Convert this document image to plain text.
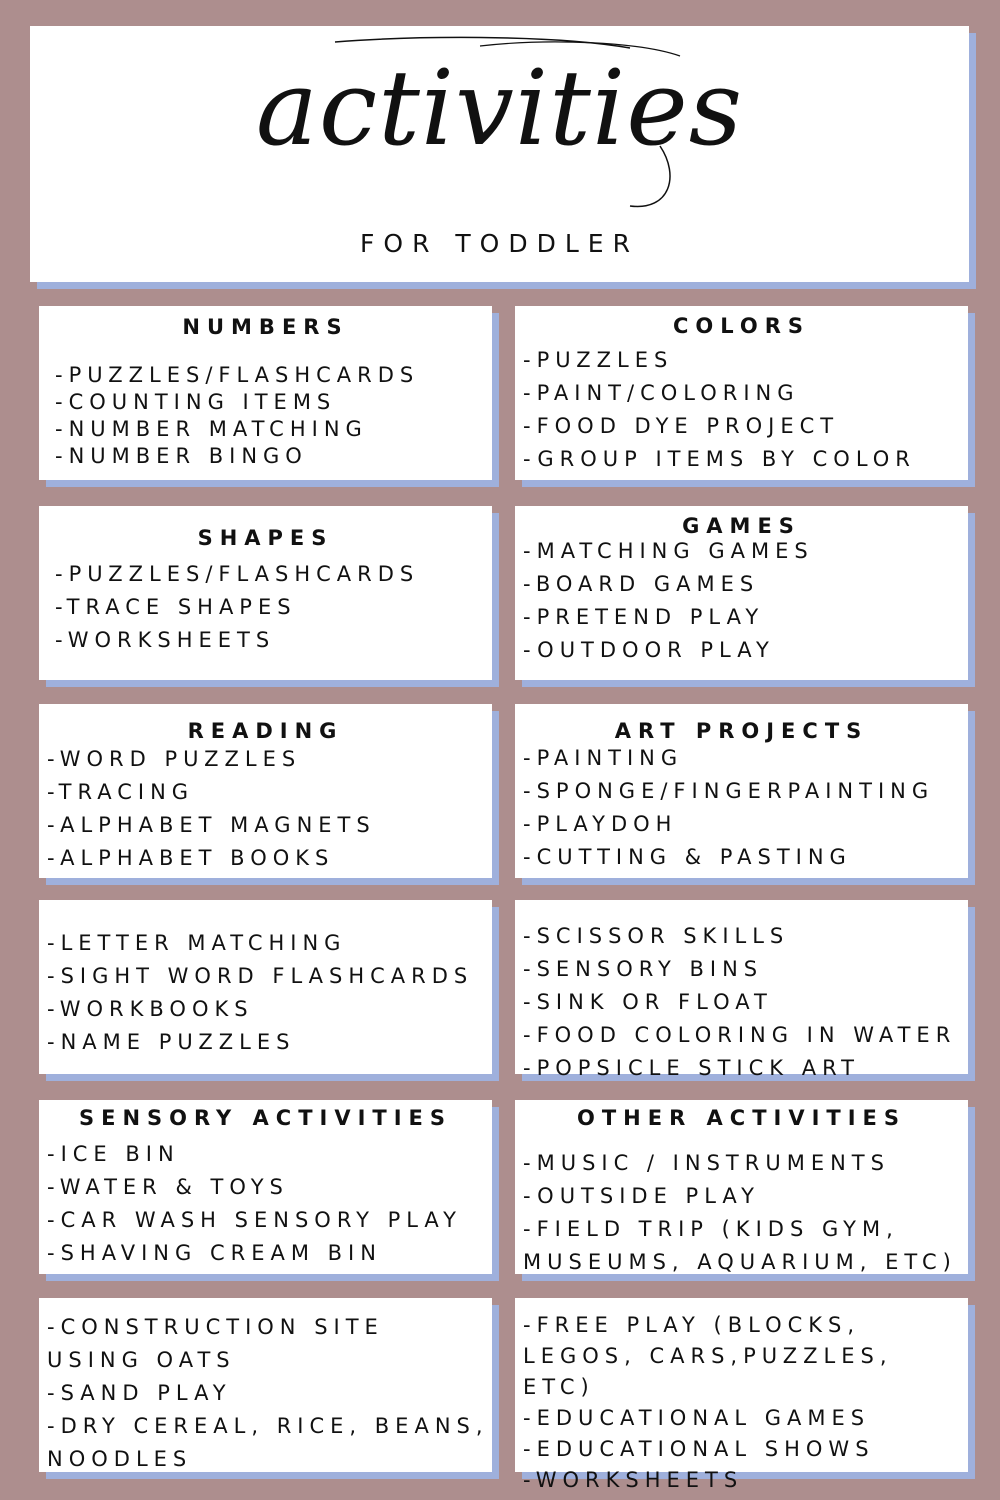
activities
FOR TODDLER
NUMBERS
-PUZZLES/FLASHCARDS
-COUNTING ITEMS
-NUMBER MATCHING
-NUMBER BINGO
COLORS
-PUZZLES
-PAINT/COLORING
-FOOD DYE PROJECT
-GROUP ITEMS BY COLOR
SHAPES
-PUZZLES/FLASHCARDS
-TRACE SHAPES
-WORKSHEETS
GAMES
-MATCHING GAMES
-BOARD GAMES
-PRETEND PLAY
-OUTDOOR PLAY
READING
-WORD PUZZLES
-TRACING
-ALPHABET MAGNETS
-ALPHABET BOOKS
ART PROJECTS
-PAINTING
-SPONGE/FINGERPAINTING
-PLAYDOH
-CUTTING & PASTING
-LETTER MATCHING
-SIGHT WORD FLASHCARDS
-WORKBOOKS
-NAME PUZZLES
-SCISSOR SKILLS
-SENSORY BINS
-SINK OR FLOAT
-FOOD COLORING IN WATER
-POPSICLE STICK ART
SENSORY ACTIVITIES
-ICE BIN
-WATER & TOYS
-CAR WASH SENSORY PLAY
-SHAVING CREAM BIN
OTHER ACTIVITIES
-MUSIC / INSTRUMENTS
-OUTSIDE PLAY
-FIELD TRIP (KIDS GYM, MUSEUMS, AQUARIUM, ETC)
-CONSTRUCTION SITE USING OATS
-SAND PLAY
-DRY CEREAL, RICE, BEANS, NOODLES
-FREE PLAY (BLOCKS, LEGOS, CARS,PUZZLES, ETC)
-EDUCATIONAL GAMES
-EDUCATIONAL SHOWS
-WORKSHEETS
